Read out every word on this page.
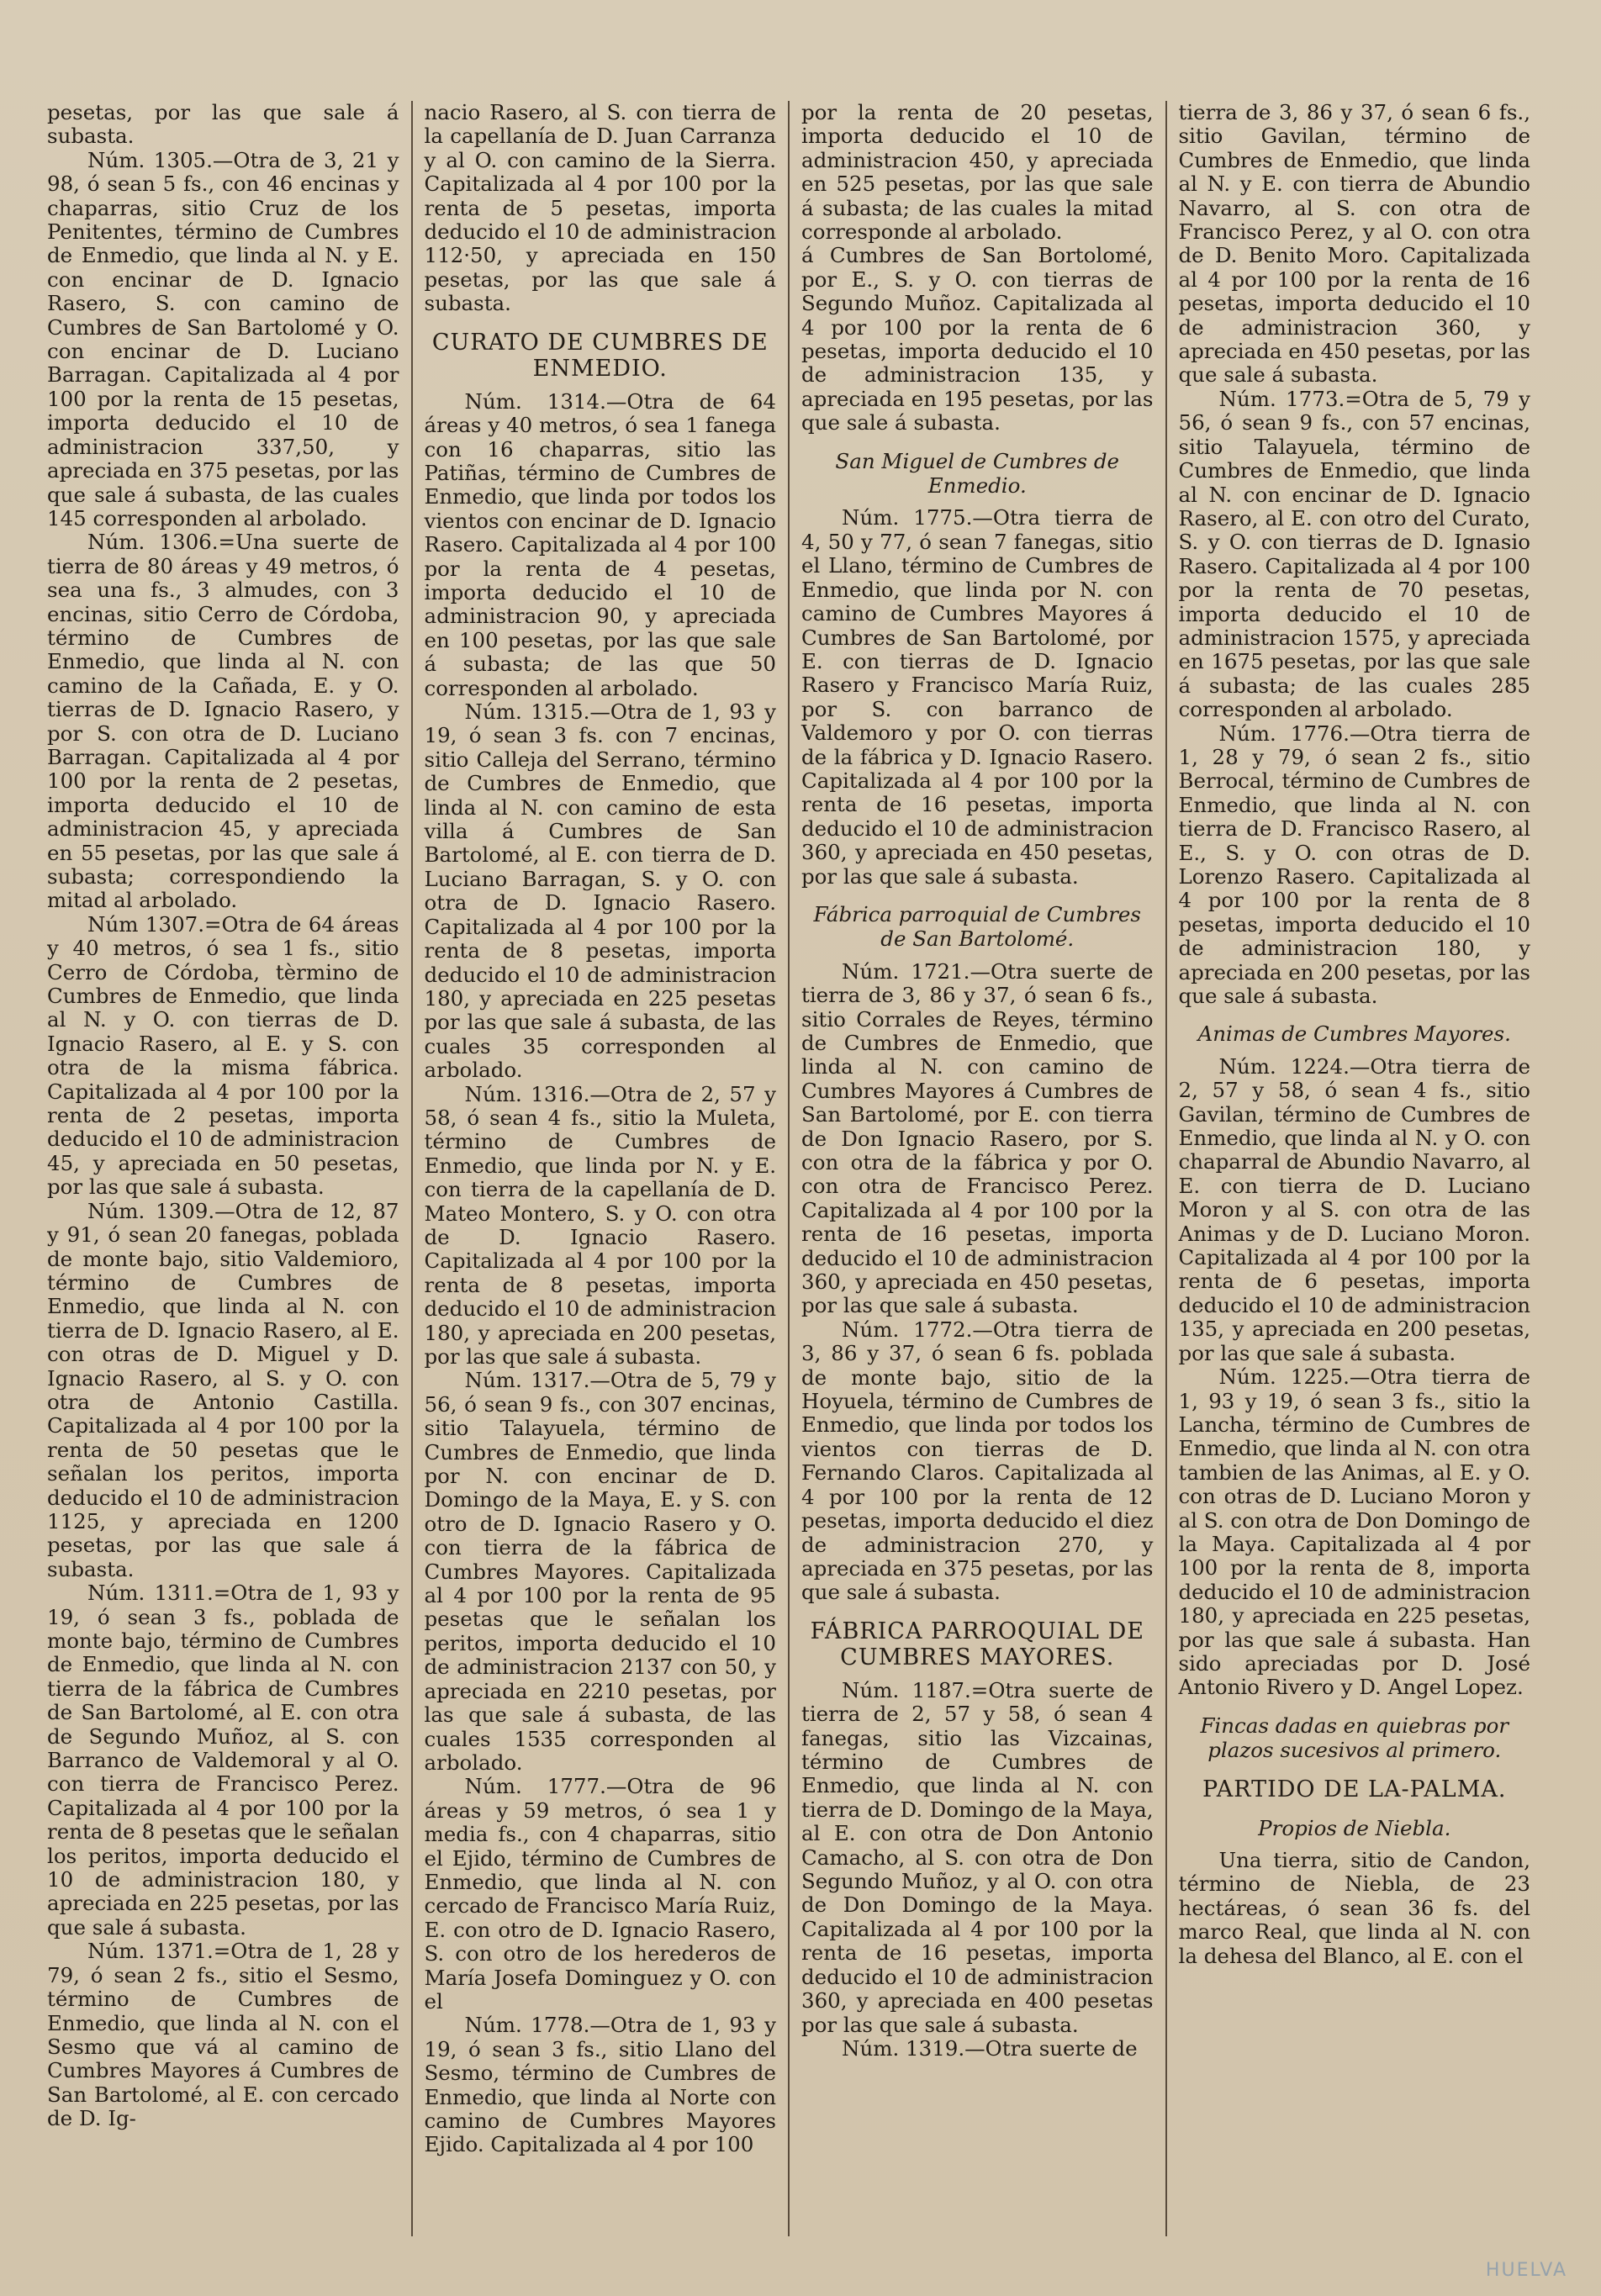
pesetas, por las que sale á subasta.

Núm. 1305.—Otra de 3, 21 y 98, ó sean 5 fs., con 46 encinas y chaparras, sitio Cruz de los Penitentes, término de Cumbres de Enmedio, que linda al N. y E. con encinar de D. Ignacio Rasero, S. con camino de Cumbres de San Bartolomé y O. con encinar de D. Luciano Barragan. Capitalizada al 4 por 100 por la renta de 15 pesetas, importa deducido el 10 de administracion 337,50, y apreciada en 375 pesetas, por las que sale á subasta, de las cuales 145 corresponden al arbolado.

Núm. 1306.=Una suerte de tierra de 80 áreas y 49 metros, ó sea una fs., 3 almudes, con 3 encinas, sitio Cerro de Córdoba, término de Cumbres de Enmedio, que linda al N. con camino de la Cañada, E. y O. tierras de D. Ignacio Rasero, y por S. con otra de D. Luciano Barragan. Capitalizada al 4 por 100 por la renta de 2 pesetas, importa deducido el 10 de administracion 45, y apreciada en 55 pesetas, por las que sale á subasta; correspondiendo la mitad al arbolado.

Núm 1307.=Otra de 64 áreas y 40 metros, ó sea 1 fs., sitio Cerro de Córdoba, tèrmino de Cumbres de Enmedio, que linda al N. y O. con tierras de D. Ignacio Rasero, al E. y S. con otra de la misma fábrica. Capitalizada al 4 por 100 por la renta de 2 pesetas, importa deducido el 10 de administracion 45, y apreciada en 50 pesetas, por las que sale á subasta.

Núm. 1309.—Otra de 12, 87 y 91, ó sean 20 fanegas, poblada de monte bajo, sitio Valdemioro, término de Cumbres de Enmedio, que linda al N. con tierra de D. Ignacio Rasero, al E. con otras de D. Miguel y D. Ignacio Rasero, al S. y O. con otra de Antonio Castilla. Capitalizada al 4 por 100 por la renta de 50 pesetas que le señalan los peritos, importa deducido el 10 de administracion 1125, y apreciada en 1200 pesetas, por las que sale á subasta.

Núm. 1311.=Otra de 1, 93 y 19, ó sean 3 fs., poblada de monte bajo, término de Cumbres de Enmedio, que linda al N. con tierra de la fábrica de Cumbres de San Bartolomé, al E. con otra de Segundo Muñoz, al S. con Barranco de Valdemoral y al O. con tierra de Francisco Perez. Capitalizada al 4 por 100 por la renta de 8 pesetas que le señalan los peritos, importa deducido el 10 de administracion 180, y apreciada en 225 pesetas, por las que sale á subasta.

Núm. 1371.=Otra de 1, 28 y 79, ó sean 2 fs., sitio el Sesmo, término de Cumbres de Enmedio, que linda al N. con el Sesmo que vá al camino de Cumbres Mayores á Cumbres de San Bartolomé, al E. con cercado de D. Ig-

nacio Rasero, al S. con tierra de la capellanía de D. Juan Carranza y al O. con camino de la Sierra. Capitalizada al 4 por 100 por la renta de 5 pesetas, importa deducido el 10 de administracion 112·50, y apreciada en 150 pesetas, por las que sale á subasta.

CURATO DE CUMBRES DE ENMEDIO.

Núm. 1314.—Otra de 64 áreas y 40 metros, ó sea 1 fanega con 16 chaparras, sitio las Patiñas, término de Cumbres de Enmedio, que linda por todos los vientos con encinar de D. Ignacio Rasero. Capitalizada al 4 por 100 por la renta de 4 pesetas, importa deducido el 10 de administracion 90, y apreciada en 100 pesetas, por las que sale á subasta; de las que 50 corresponden al arbolado.

Núm. 1315.—Otra de 1, 93 y 19, ó sean 3 fs. con 7 encinas, sitio Calleja del Serrano, término de Cumbres de Enmedio, que linda al N. con camino de esta villa á Cumbres de San Bartolomé, al E. con tierra de D. Luciano Barragan, S. y O. con otra de D. Ignacio Rasero. Capitalizada al 4 por 100 por la renta de 8 pesetas, importa deducido el 10 de administracion 180, y apreciada en 225 pesetas por las que sale á subasta, de las cuales 35 corresponden al arbolado.

Núm. 1316.—Otra de 2, 57 y 58, ó sean 4 fs., sitio la Muleta, término de Cumbres de Enmedio, que linda por N. y E. con tierra de la capellanía de D. Mateo Montero, S. y O. con otra de D. Ignacio Rasero. Capitalizada al 4 por 100 por la renta de 8 pesetas, importa deducido el 10 de administracion 180, y apreciada en 200 pesetas, por las que sale á subasta.

Núm. 1317.—Otra de 5, 79 y 56, ó sean 9 fs., con 307 encinas, sitio Talayuela, término de Cumbres de Enmedio, que linda por N. con encinar de D. Domingo de la Maya, E. y S. con otro de D. Ignacio Rasero y O. con tierra de la fábrica de Cumbres Mayores. Capitalizada al 4 por 100 por la renta de 95 pesetas que le señalan los peritos, importa deducido el 10 de administracion 2137 con 50, y apreciada en 2210 pesetas, por las que sale á subasta, de las cuales 1535 corresponden al arbolado.

Núm. 1777.—Otra de 96 áreas y 59 metros, ó sea 1 y media fs., con 4 chaparras, sitio el Ejido, término de Cumbres de Enmedio, que linda al N. con cercado de Francisco María Ruiz, E. con otro de D. Ignacio Rasero, S. con otro de los herederos de María Josefa Dominguez y O. con el

Núm. 1778.—Otra de 1, 93 y 19, ó sean 3 fs., sitio Llano del Sesmo, término de Cumbres de Enmedio, que linda al Norte con camino de Cumbres Mayores Ejido. Capitalizada al 4 por 100

por la renta de 20 pesetas, importa deducido el 10 de administracion 450, y apreciada en 525 pesetas, por las que sale á subasta; de las cuales la mitad corresponde al arbolado.

á Cumbres de San Bortolomé, por E., S. y O. con tierras de Segundo Muñoz. Capitalizada al 4 por 100 por la renta de 6 pesetas, importa deducido el 10 de administracion 135, y apreciada en 195 pesetas, por las que sale á subasta.

San Miguel de Cumbres de Enmedio.

Núm. 1775.—Otra tierra de 4, 50 y 77, ó sean 7 fanegas, sitio el Llano, término de Cumbres de Enmedio, que linda por N. con camino de Cumbres Mayores á Cumbres de San Bartolomé, por E. con tierras de D. Ignacio Rasero y Francisco María Ruiz, por S. con barranco de Valdemoro y por O. con tierras de la fábrica y D. Ignacio Rasero. Capitalizada al 4 por 100 por la renta de 16 pesetas, importa deducido el 10 de administracion 360, y apreciada en 450 pesetas, por las que sale á subasta.

Fábrica parroquial de Cumbres de San Bartolomé.

Núm. 1721.—Otra suerte de tierra de 3, 86 y 37, ó sean 6 fs., sitio Corrales de Reyes, término de Cumbres de Enmedio, que linda al N. con camino de Cumbres Mayores á Cumbres de San Bartolomé, por E. con tierra de Don Ignacio Rasero, por S. con otra de la fábrica y por O. con otra de Francisco Perez. Capitalizada al 4 por 100 por la renta de 16 pesetas, importa deducido el 10 de administracion 360, y apreciada en 450 pesetas, por las que sale á subasta.

Núm. 1772.—Otra tierra de 3, 86 y 37, ó sean 6 fs. poblada de monte bajo, sitio de la Hoyuela, término de Cumbres de Enmedio, que linda por todos los vientos con tierras de D. Fernando Claros. Capitalizada al 4 por 100 por la renta de 12 pesetas, importa deducido el diez de administracion 270, y apreciada en 375 pesetas, por las que sale á subasta.

FÁBRICA PARROQUIAL DE CUMBRES MAYORES.

Núm. 1187.=Otra suerte de tierra de 2, 57 y 58, ó sean 4 fanegas, sitio las Vizcainas, término de Cumbres de Enmedio, que linda al N. con tierra de D. Domingo de la Maya, al E. con otra de Don Antonio Camacho, al S. con otra de Don Segundo Muñoz, y al O. con otra de Don Domingo de la Maya. Capitalizada al 4 por 100 por la renta de 16 pesetas, importa deducido el 10 de administracion 360, y apreciada en 400 pesetas por las que sale á subasta.

Núm. 1319.—Otra suerte de

tierra de 3, 86 y 37, ó sean 6 fs., sitio Gavilan, término de Cumbres de Enmedio, que linda al N. y E. con tierra de Abundio Navarro, al S. con otra de Francisco Perez, y al O. con otra de D. Benito Moro. Capitalizada al 4 por 100 por la renta de 16 pesetas, importa deducido el 10 de administracion 360, y apreciada en 450 pesetas, por las que sale á subasta.

Núm. 1773.=Otra de 5, 79 y 56, ó sean 9 fs., con 57 encinas, sitio Talayuela, término de Cumbres de Enmedio, que linda al N. con encinar de D. Ignacio Rasero, al E. con otro del Curato, S. y O. con tierras de D. Ignasio Rasero. Capitalizada al 4 por 100 por la renta de 70 pesetas, importa deducido el 10 de administracion 1575, y apreciada en 1675 pesetas, por las que sale á subasta; de las cuales 285 corresponden al arbolado.

Núm. 1776.—Otra tierra de 1, 28 y 79, ó sean 2 fs., sitio Berrocal, término de Cumbres de Enmedio, que linda al N. con tierra de D. Francisco Rasero, al E., S. y O. con otras de D. Lorenzo Rasero. Capitalizada al 4 por 100 por la renta de 8 pesetas, importa deducido el 10 de administracion 180, y apreciada en 200 pesetas, por las que sale á subasta.

Animas de Cumbres Mayores.

Núm. 1224.—Otra tierra de 2, 57 y 58, ó sean 4 fs., sitio Gavilan, término de Cumbres de Enmedio, que linda al N. y O. con chaparral de Abundio Navarro, al E. con tierra de D. Luciano Moron y al S. con otra de las Animas y de D. Luciano Moron. Capitalizada al 4 por 100 por la renta de 6 pesetas, importa deducido el 10 de administracion 135, y apreciada en 200 pesetas, por las que sale á subasta.

Núm. 1225.—Otra tierra de 1, 93 y 19, ó sean 3 fs., sitio la Lancha, término de Cumbres de Enmedio, que linda al N. con otra tambien de las Animas, al E. y O. con otras de D. Luciano Moron y al S. con otra de Don Domingo de la Maya. Capitalizada al 4 por 100 por la renta de 8, importa deducido el 10 de administracion 180, y apreciada en 225 pesetas, por las que sale á subasta. Han sido apreciadas por D. José Antonio Rivero y D. Angel Lopez.

Fincas dadas en quiebras por plazos sucesivos al primero.
PARTIDO DE LA-PALMA.
Propios de Niebla.

Una tierra, sitio de Candon, término de Niebla, de 23 hectáreas, ó sean 36 fs. del marco Real, que linda al N. con la dehesa del Blanco, al E. con el

HUELVA
